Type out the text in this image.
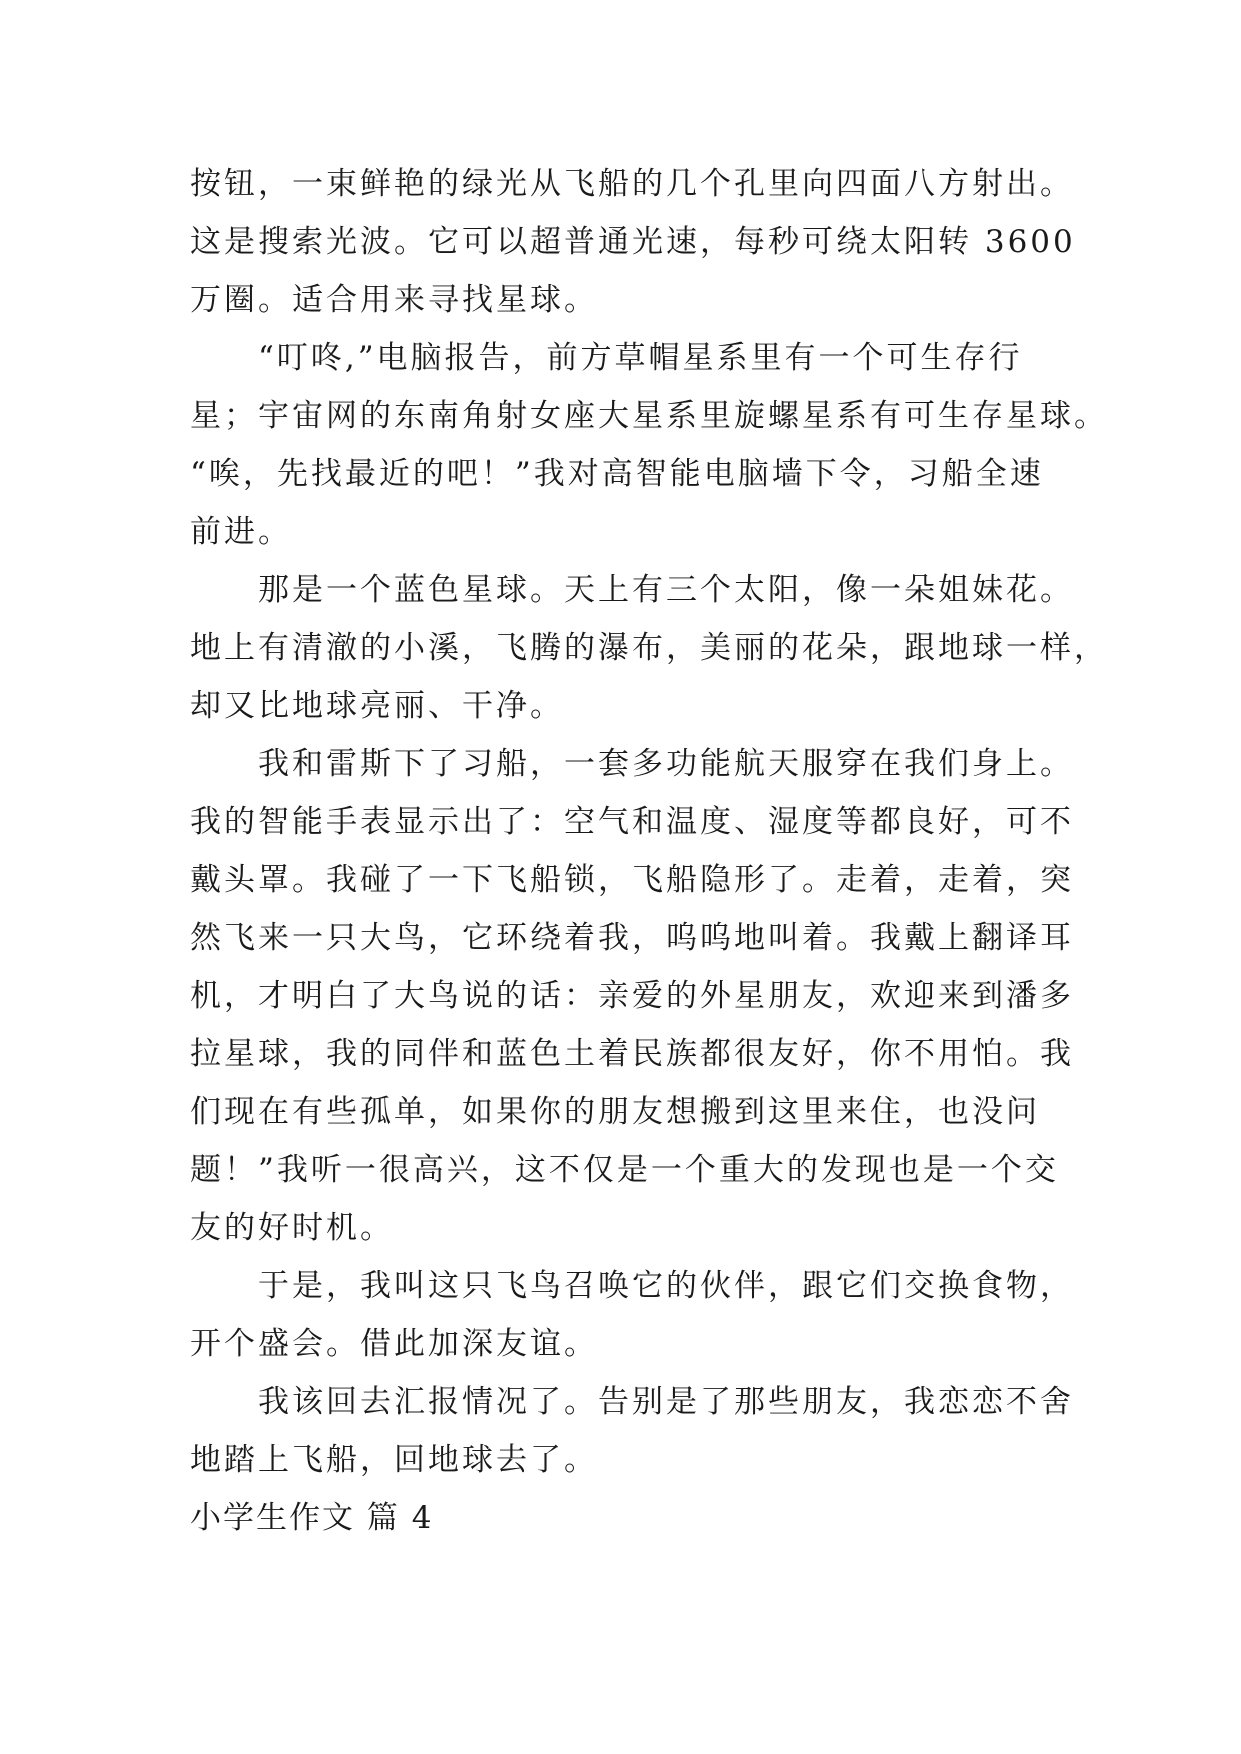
按钮，一束鲜艳的绿光从飞船的几个孔里向四面八方射出。
这是搜索光波。它可以超普通光速，每秒可绕太阳转 3600
万圈。适合用来寻找星球。
“叮咚,”电脑报告，前方草帽星系里有一个可生存行
星；宇宙网的东南角射女座大星系里旋螺星系有可生存星球。
“唉，先找最近的吧！”我对高智能电脑墙下令，习船全速
前进。
那是一个蓝色星球。天上有三个太阳，像一朵姐妹花。
地上有清澈的小溪，飞腾的瀑布，美丽的花朵，跟地球一样，
却又比地球亮丽、干净。
我和雷斯下了习船，一套多功能航天服穿在我们身上。
我的智能手表显示出了：空气和温度、湿度等都良好，可不
戴头罩。我碰了一下飞船锁，飞船隐形了。走着，走着，突
然飞来一只大鸟，它环绕着我，呜呜地叫着。我戴上翻译耳
机，才明白了大鸟说的话：亲爱的外星朋友，欢迎来到潘多
拉星球，我的同伴和蓝色土着民族都很友好，你不用怕。我
们现在有些孤单，如果你的朋友想搬到这里来住，也没问
题！”我听一很高兴，这不仅是一个重大的发现也是一个交
友的好时机。
于是，我叫这只飞鸟召唤它的伙伴，跟它们交换食物，
开个盛会。借此加深友谊。
我该回去汇报情况了。告别是了那些朋友，我恋恋不舍
地踏上飞船，回地球去了。
小学生作文 篇 4
